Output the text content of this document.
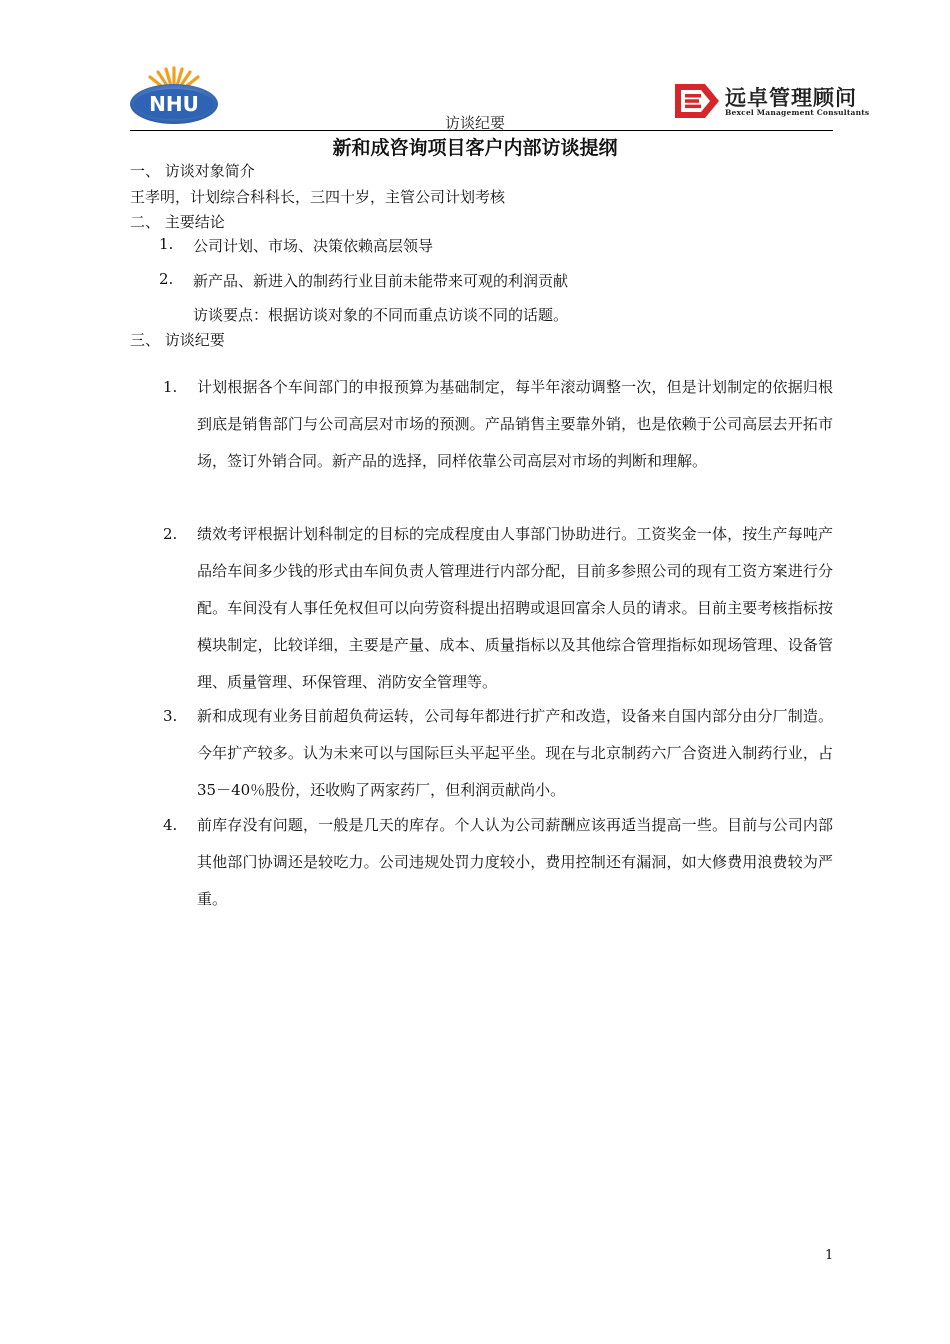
NHU
访谈纪要
远卓管理顾问
Bexcel Management Consultants
新和成咨询项目客户内部访谈提纲
一、 访谈对象简介
王孝明，计划综合科科长，三四十岁，主管公司计划考核
二、 主要结论
1. 公司计划、市场、决策依赖高层领导
2. 新产品、新进入的制药行业目前未能带来可观的利润贡献
访谈要点：根据访谈对象的不同而重点访谈不同的话题。
三、 访谈纪要
1. 计划根据各个车间部门的申报预算为基础制定，每半年滚动调整一次，但是计划制定的依据归根到底是销售部门与公司高层对市场的预测。产品销售主要靠外销，也是依赖于公司高层去开拓市场，签订外销合同。新产品的选择，同样依靠公司高层对市场的判断和理解。
2. 绩效考评根据计划科制定的目标的完成程度由人事部门协助进行。工资奖金一体，按生产每吨产品给车间多少钱的形式由车间负责人管理进行内部分配，目前多参照公司的现有工资方案进行分配。车间没有人事任免权但可以向劳资科提出招聘或退回富余人员的请求。目前主要考核指标按模块制定，比较详细，主要是产量、成本、质量指标以及其他综合管理指标如现场管理、设备管理、质量管理、环保管理、消防安全管理等。
3. 新和成现有业务目前超负荷运转，公司每年都进行扩产和改造，设备来自国内部分由分厂制造。今年扩产较多。认为未来可以与国际巨头平起平坐。现在与北京制药六厂合资进入制药行业，占35－40％股份，还收购了两家药厂，但利润贡献尚小。
4. 前库存没有问题，一般是几天的库存。个人认为公司薪酬应该再适当提高一些。目前与公司内部其他部门协调还是较吃力。公司违规处罚力度较小，费用控制还有漏洞，如大修费用浪费较为严重。
1
